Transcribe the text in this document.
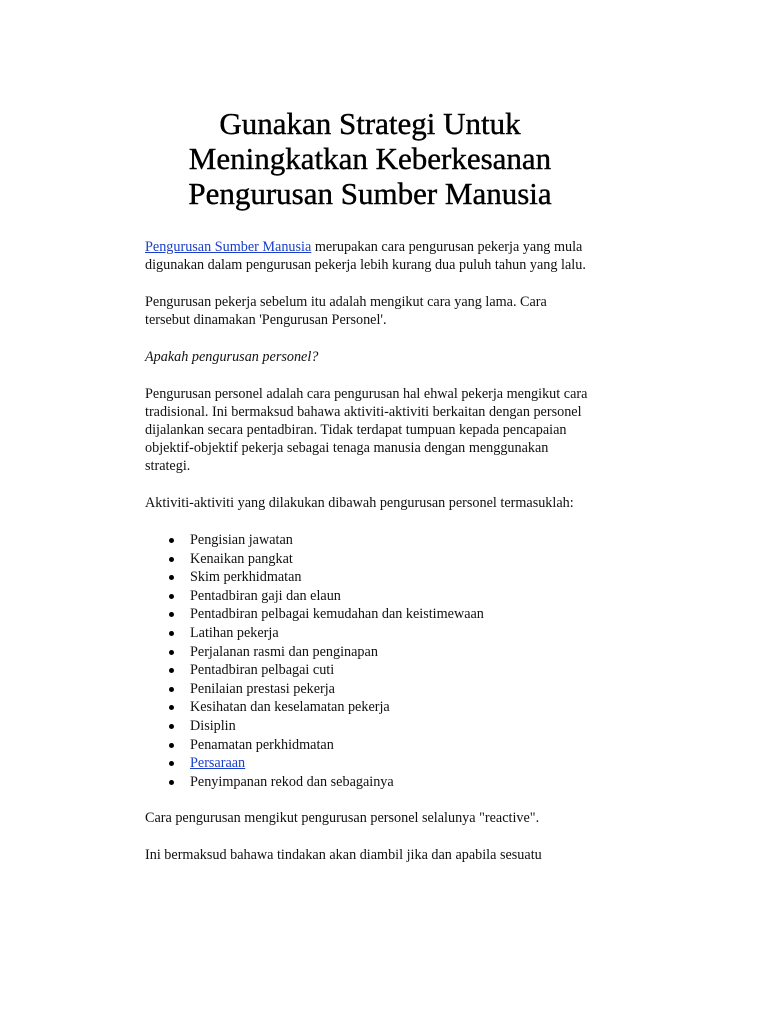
Gunakan Strategi Untuk
Meningkatkan Keberkesanan
Pengurusan Sumber Manusia

Pengurusan Sumber Manusia merupakan cara pengurusan pekerja yang mula digunakan dalam pengurusan pekerja lebih kurang dua puluh tahun yang lalu.

Pengurusan pekerja sebelum itu adalah mengikut cara yang lama. Cara tersebut dinamakan 'Pengurusan Personel'.

Apakah pengurusan personel?

Pengurusan personel adalah cara pengurusan hal ehwal pekerja mengikut cara tradisional. Ini bermaksud bahawa aktiviti-aktiviti berkaitan dengan personel dijalankan secara pentadbiran. Tidak terdapat tumpuan kepada pencapaian objektif-objektif pekerja sebagai tenaga manusia dengan menggunakan strategi.

Aktiviti-aktiviti yang dilakukan dibawah pengurusan personel termasuklah:

Pengisian jawatan
Kenaikan pangkat
Skim perkhidmatan
Pentadbiran gaji dan elaun
Pentadbiran pelbagai kemudahan dan keistimewaan
Latihan pekerja
Perjalanan rasmi dan penginapan
Pentadbiran pelbagai cuti
Penilaian prestasi pekerja
Kesihatan dan keselamatan pekerja
Disiplin
Penamatan perkhidmatan
Persaraan
Penyimpanan rekod dan sebagainya

Cara pengurusan mengikut pengurusan personel selalunya "reactive".

Ini bermaksud bahawa tindakan akan diambil jika dan apabila sesuatu
